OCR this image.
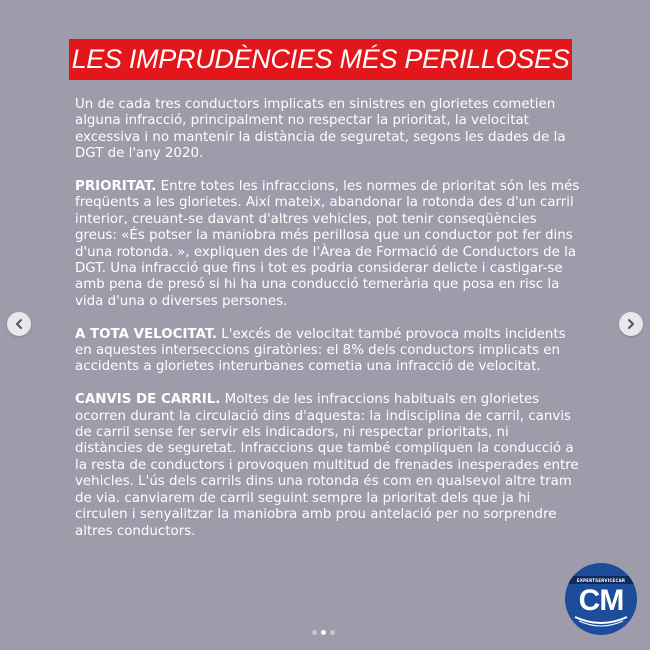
LES IMPRUDÈNCIES MÉS PERILLOSES

Un de cada tres conductors implicats en sinistres en glorietes cometien alguna infracció, principalment no respectar la prioritat, la velocitat excessiva i no mantenir la distància de seguretat, segons les dades de la DGT de l'any 2020.

PRIORITAT. Entre totes les infraccions, les normes de prioritat són les més freqüents a les glorietes. Així mateix, abandonar la rotonda des d'un carril interior, creuant-se davant d'altres vehicles, pot tenir conseqüències greus: «És potser la maniobra més perillosa que un conductor pot fer dins d'una rotonda. », expliquen des de l'Àrea de Formació de Conductors de la DGT. Una infracció que fins i tot es podria considerar delicte i castigar-se amb pena de presó si hi ha una conducció temerària que posa en risc la vida d'una o diverses persones.

A TOTA VELOCITAT. L'excés de velocitat també provoca molts incidents en aquestes interseccions giratòries: el 8% dels conductors implicats en accidents a glorietes interurbanes cometia una infracció de velocitat.

CANVIS DE CARRIL. Moltes de les infraccions habituals en glorietes ocorren durant la circulació dins d'aquesta: la indisciplina de carril, canvis de carril sense fer servir els indicadors, ni respectar prioritats, ni distàncies de seguretat. Infraccions que també compliquen la conducció a la resta de conductors i provoquen multitud de frenades inesperades entre vehicles. L'ús dels carrils dins una rotonda és com en qualsevol altre tram de via. canviarem de carril seguint sempre la prioritat dels que ja hi circulen i senyalitzar la maniobra amb prou antelació per no sorprendre altres conductors.

EXPERTSERVICECAR
CM
